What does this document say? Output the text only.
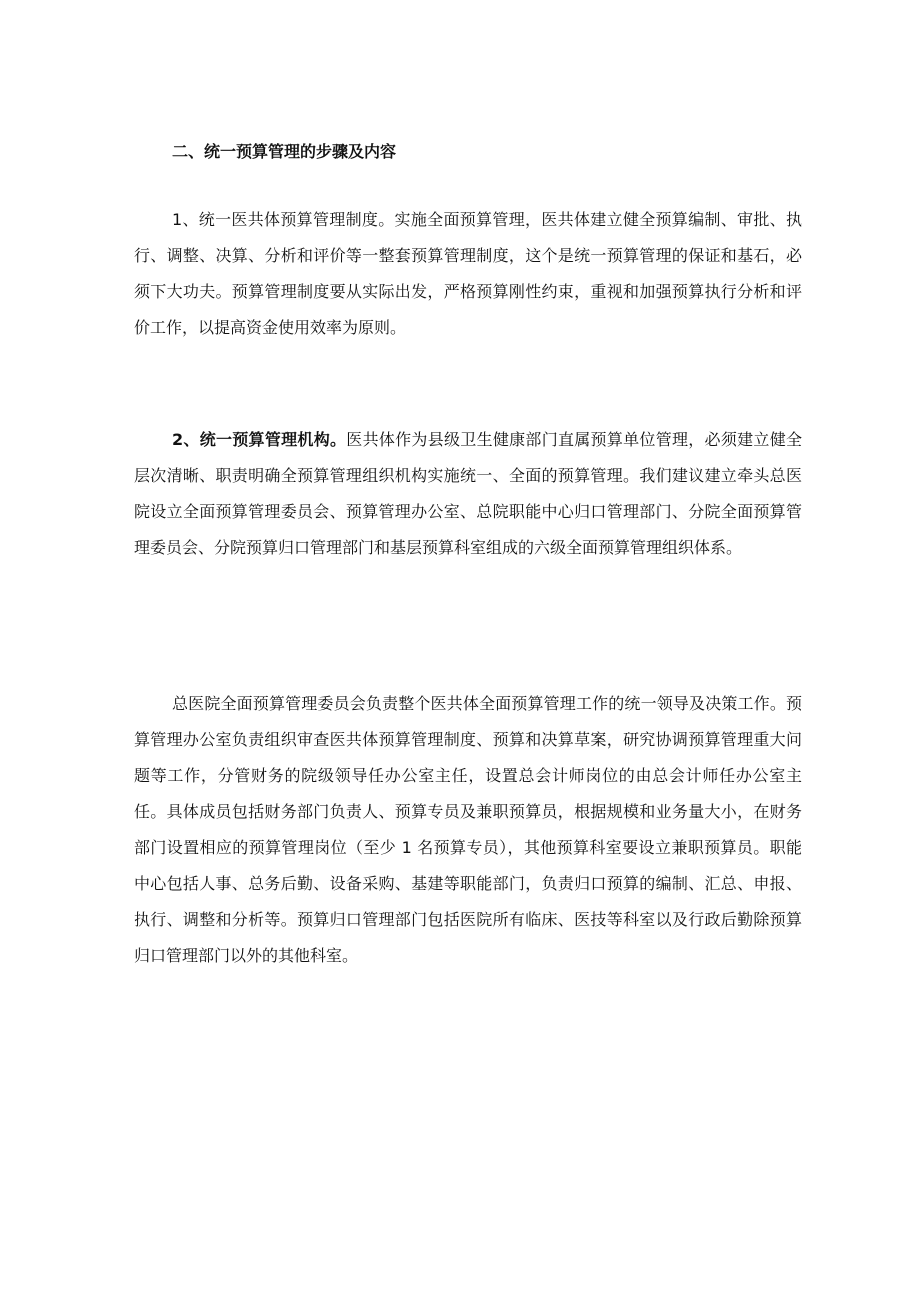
二、统一预算管理的步骤及内容

1、统一医共体预算管理制度。实施全面预算管理，医共体建立健全预算编制、审批、执行、调整、决算、分析和评价等一整套预算管理制度，这个是统一预算管理的保证和基石，必须下大功夫。预算管理制度要从实际出发，严格预算刚性约束，重视和加强预算执行分析和评价工作，以提高资金使用效率为原则。

2、统一预算管理机构。医共体作为县级卫生健康部门直属预算单位管理，必须建立健全层次清晰、职责明确全预算管理组织机构实施统一、全面的预算管理。我们建议建立牵头总医院设立全面预算管理委员会、预算管理办公室、总院职能中心归口管理部门、分院全面预算管理委员会、分院预算归口管理部门和基层预算科室组成的六级全面预算管理组织体系。

总医院全面预算管理委员会负责整个医共体全面预算管理工作的统一领导及决策工作。预算管理办公室负责组织审查医共体预算管理制度、预算和决算草案，研究协调预算管理重大问题等工作，分管财务的院级领导任办公室主任，设置总会计师岗位的由总会计师任办公室主任。具体成员包括财务部门负责人、预算专员及兼职预算员，根据规模和业务量大小，在财务部门设置相应的预算管理岗位（至少 1 名预算专员），其他预算科室要设立兼职预算员。职能中心包括人事、总务后勤、设备采购、基建等职能部门，负责归口预算的编制、汇总、申报、执行、调整和分析等。预算归口管理部门包括医院所有临床、医技等科室以及行政后勤除预算归口管理部门以外的其他科室。
